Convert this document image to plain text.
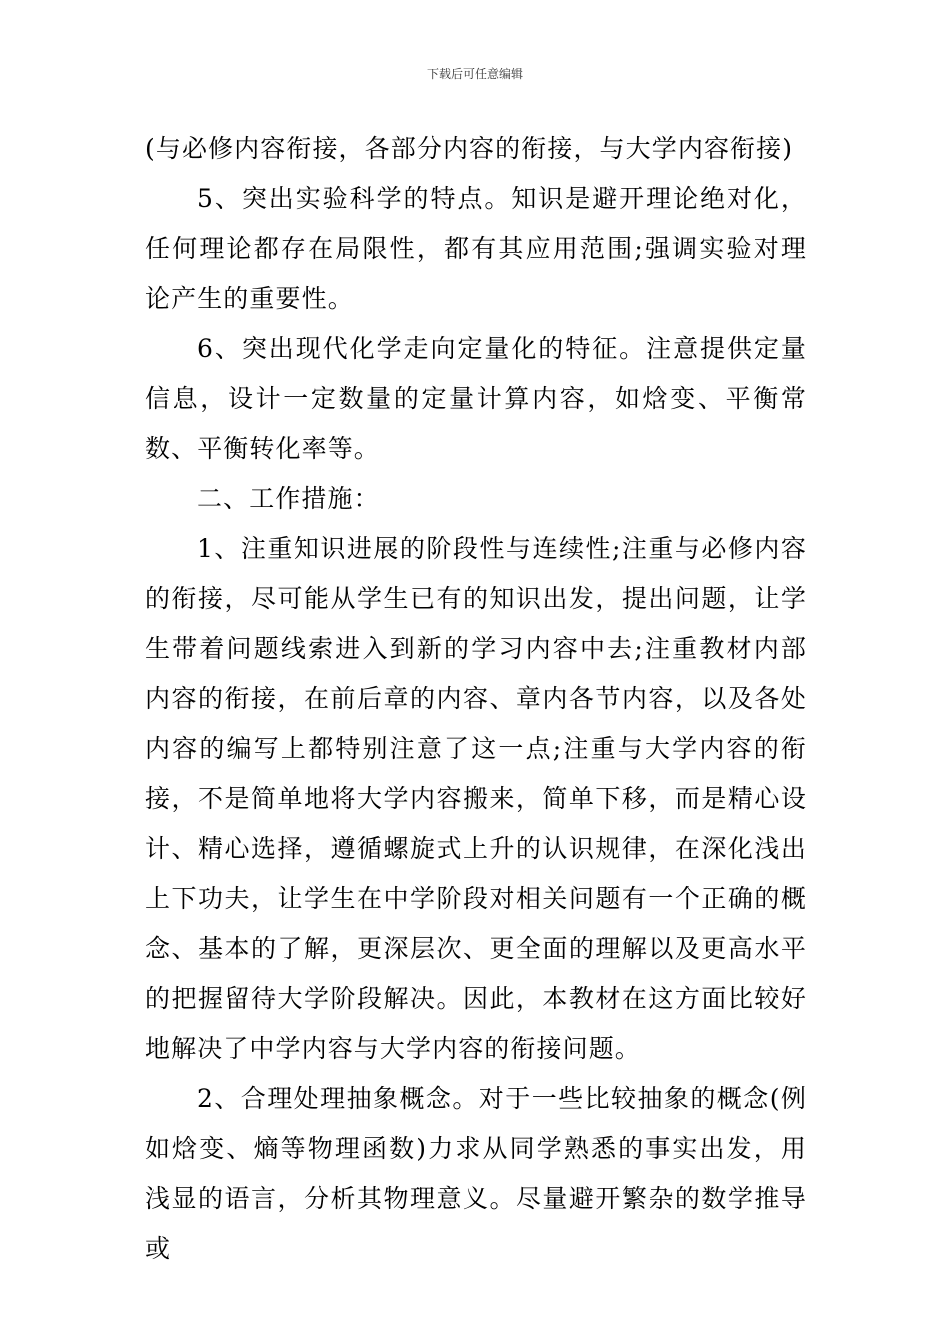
下载后可任意编辑

(与必修内容衔接，各部分内容的衔接，与大学内容衔接)

5、突出实验科学的特点。知识是避开理论绝对化，任何理论都存在局限性，都有其应用范围;强调实验对理论产生的重要性。

6、突出现代化学走向定量化的特征。注意提供定量信息，设计一定数量的定量计算内容，如焓变、平衡常数、平衡转化率等。

二、工作措施：

1、注重知识进展的阶段性与连续性;注重与必修内容的衔接，尽可能从学生已有的知识出发，提出问题，让学生带着问题线索进入到新的学习内容中去;注重教材内部内容的衔接，在前后章的内容、章内各节内容，以及各处内容的编写上都特别注意了这一点;注重与大学内容的衔接，不是简单地将大学内容搬来，简单下移，而是精心设计、精心选择，遵循螺旋式上升的认识规律，在深化浅出上下功夫，让学生在中学阶段对相关问题有一个正确的概念、基本的了解，更深层次、更全面的理解以及更高水平的把握留待大学阶段解决。因此，本教材在这方面比较好地解决了中学内容与大学内容的衔接问题。

2、合理处理抽象概念。对于一些比较抽象的概念(例如焓变、熵等物理函数)力求从同学熟悉的事实出发，用浅显的语言，分析其物理意义。尽量避开繁杂的数学推导或
